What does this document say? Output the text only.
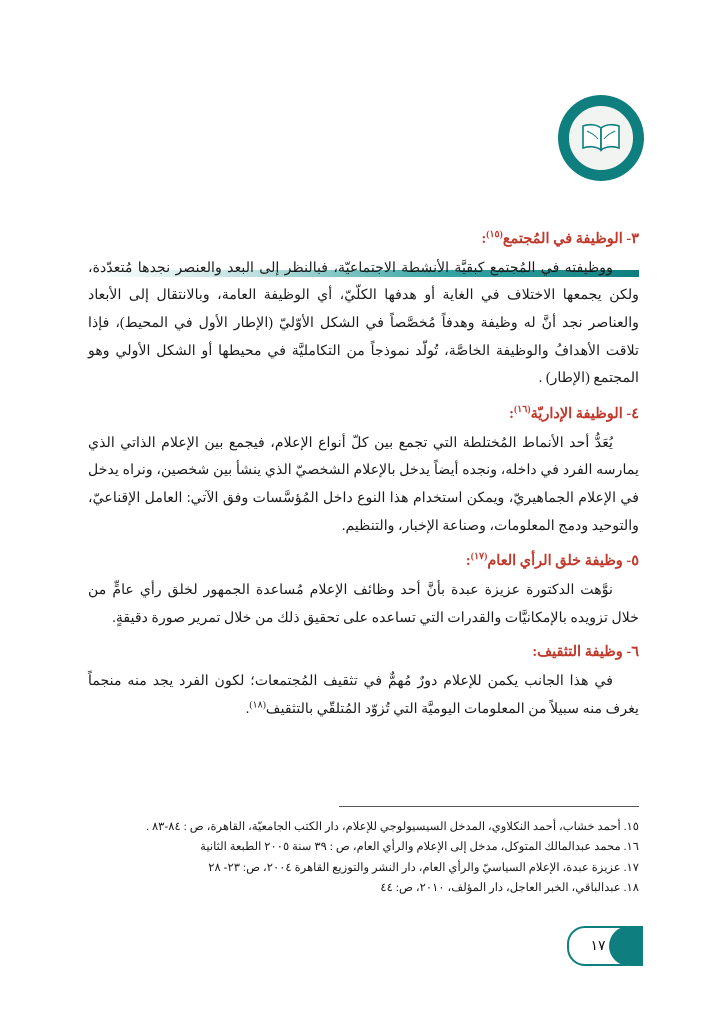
٣- الوظيفة في المُجتمع$^{(١٥)}$:

ووظيفته في المُجتمع كبقيَّة الأنشطة الاجتماعيّة، فبالنظر إلى البعد والعنصر نجدها مُتعدّدة، ولكن يجمعها الاختلاف في الغاية أو هدفها الكلّيّ، أي الوظيفة العامة، وبالانتقال إلى الأبعاد والعناصر نجد أنَّ له وظيفة وهدفاً مُخصَّصاً في الشكل الأوّليّ (الإطار الأول في المحيط)، فإذا تلاقت الأهدافُ والوظيفة الخاصَّة، تُولّد نموذجاً من التكامليَّة في محيطها أو الشكل الأولي وهو المجتمع (الإطار) .

٤- الوظيفة الإداريّة$^{(١٦)}$:

يُعَدُّ أحد الأنماط المُختلطة التي تجمع بين كلّ أنواع الإعلام، فيجمع بين الإعلام الذاتي الذي يمارسه الفرد في داخله، ونجده أيضاً يدخل بالإعلام الشخصيّ الذي ينشأ بين شخصين، ونراه يدخل في الإعلام الجماهيريّ، ويمكن استخدام هذا النوع داخل المُؤسَّسات وفق الآتي: العامل الإقناعيّ، والتوحيد ودمج المعلومات، وصناعة الإخبار، والتنظيم.

٥- وظيفة خلق الرأي العام$^{(١٧)}$:

نوَّهت الدكتورة عزيزة عبدة بأنَّ أحد وظائف الإعلام مُساعدة الجمهور لخلق رأي عامٍّ من خلال تزويده بالإمكانيَّات والقدرات التي تساعده على تحقيق ذلك من خلال تمرير صورة دقيقةٍ.

٦- وظيفة التثقيف:

في هذا الجانب يكمن للإعلام دورٌ مُهمٌّ في تثقيف المُجتمعات؛ لكون الفرد يجد منه منجماً يغرف منه سبيلاً من المعلومات اليوميَّة التي تُزوّد المُتلقّي بالتثقيف$^{(١٨)}$.

١٥. أحمد خشاب، أحمد النكلاوي، المدخل السيسيولوجي للإعلام، دار الكتب الجامعيّة، القاهرة، ص : ٨٤-٨٣ .

١٦. محمد عبدالمالك المتوكل، مدخل إلى الإعلام والرأي العام، ص : ٣٩ سنة ٢٠٠٥ الطبعة الثانية

١٧. عزيزة عبدة، الإعلام السياسيّ والرأي العام، دار النشر والتوزيع القاهرة ٢٠٠٤، ص: ٢٣- ٢٨

١٨. عبدالباقي، الخبر العاجل، دار المؤلف، ٢٠١٠، ص: ٤٤

١٧
